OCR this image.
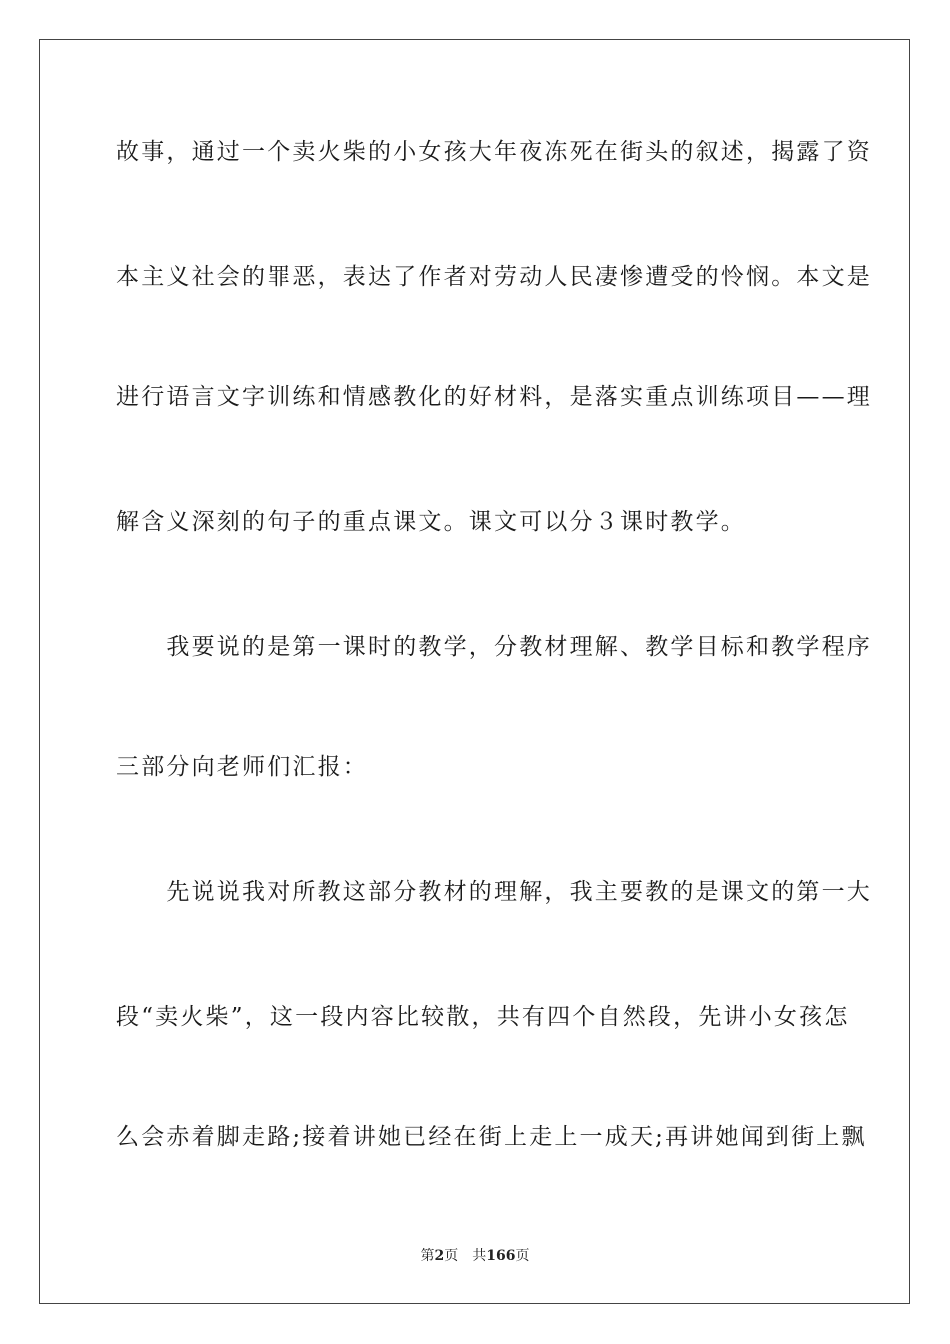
故事，通过一个卖火柴的小女孩大年夜冻死在街头的叙述，揭露了资
本主义社会的罪恶，表达了作者对劳动人民凄惨遭受的怜悯。本文是
进行语言文字训练和情感教化的好材料，是落实重点训练项目——理
解含义深刻的句子的重点课文。课文可以分３课时教学。
　　我要说的是第一课时的教学，分教材理解、教学目标和教学程序
三部分向老师们汇报：
　　先说说我对所教这部分教材的理解，我主要教的是课文的第一大
段“卖火柴”，这一段内容比较散，共有四个自然段，先讲小女孩怎
么会赤着脚走路;接着讲她已经在街上走上一成天;再讲她闻到街上飘
第2页 共166页
